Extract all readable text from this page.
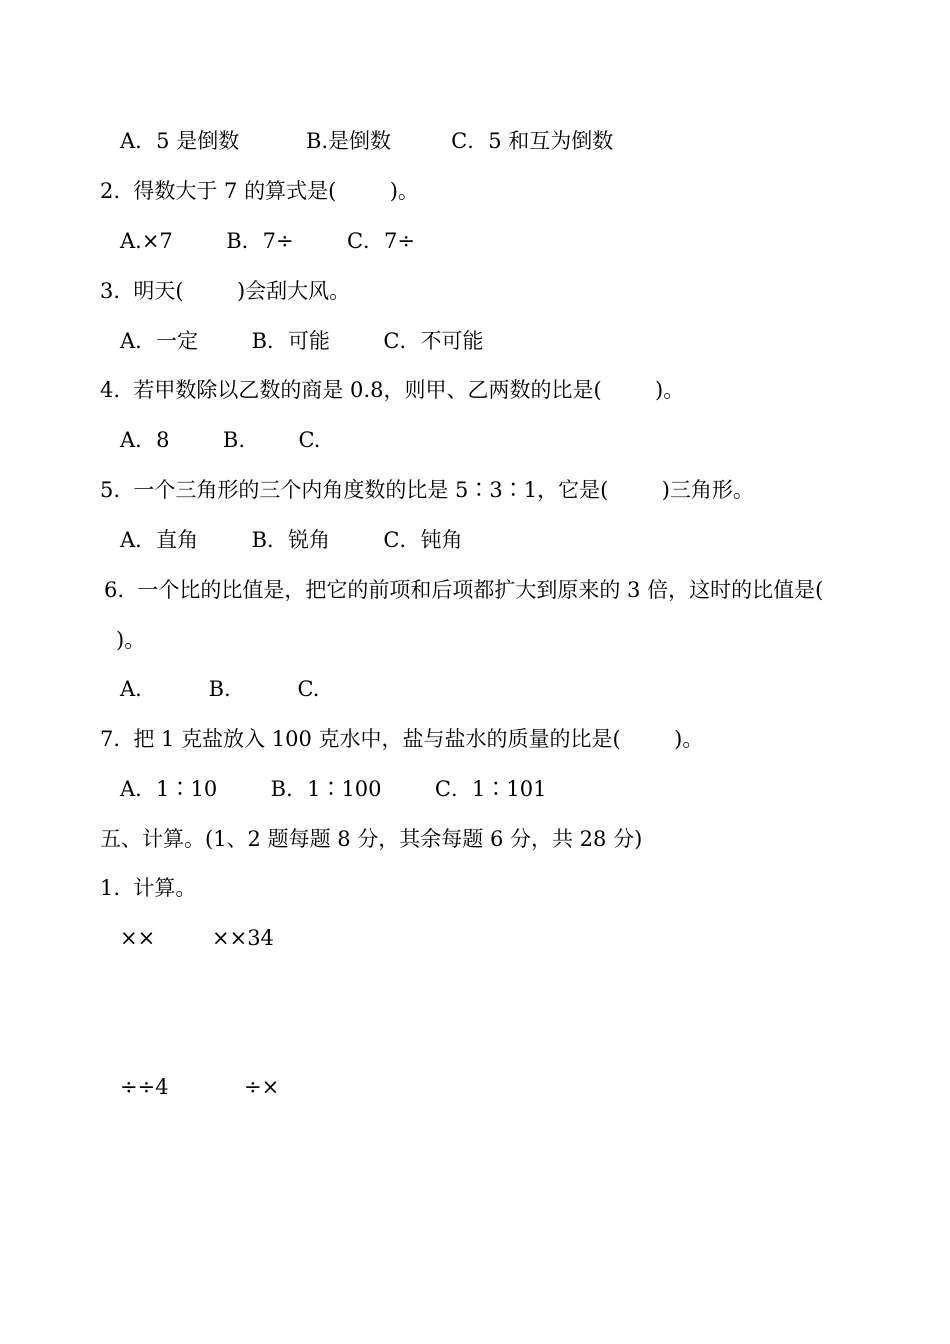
A．5 是倒数          B.是倒数         C．5 和互为倒数
2.  得数大于 7 的算式是(        )。
A.×7        B．7÷        C．7÷
3.  明天(        )会刮大风。
A．一定        B．可能        C．不可能
4.  若甲数除以乙数的商是 0.8，则甲、乙两数的比是(        )。
A．8        B.        C.
5.  一个三角形的三个内角度数的比是 5∶3∶1，它是(        )三角形。
A．直角        B．锐角        C．钝角
6.  一个比的比值是，把它的前项和后项都扩大到原来的 3 倍，这时的比值是(
)。
A.          B.          C.
7.  把 1 克盐放入 100 克水中，盐与盐水的质量的比是(        )。
A．1∶10        B．1∶100        C．1∶101
五、计算。(1、2 题每题 8 分，其余每题 6 分，共 28 分)
1.  计算。
××	××34
÷÷4	÷×
